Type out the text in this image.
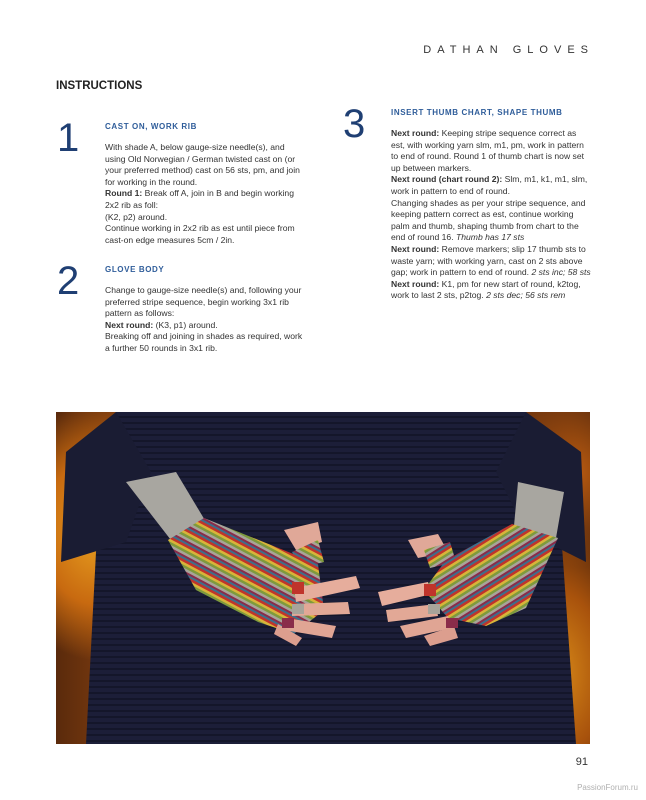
DATHAN GLOVES
INSTRUCTIONS
1	CAST ON, WORK RIB

With shade A, below gauge-size needle(s), and using Old Norwegian / German twisted cast on (or your preferred method) cast on 56 sts, pm, and join for working in the round.

Round 1: Break off A, join in B and begin working 2x2 rib as foll:

(K2, p2) around.

Continue working in 2x2 rib as est until piece from cast-on edge measures 5cm / 2in.

2	GLOVE BODY

Change to gauge-size needle(s) and, following your preferred stripe sequence, begin working 3x1 rib pattern as follows:

Next round: (K3, p1) around.

Breaking off and joining in shades as required, work a further 50 rounds in 3x1 rib.

3	INSERT THUMB CHART, SHAPE THUMB

Next round: Keeping stripe sequence correct as est, with working yarn slm, m1, pm, work in pattern to end of round. Round 1 of thumb chart is now set up between markers.

Next round (chart round 2): Slm, m1, k1, m1, slm, work in pattern to end of round.

Changing shades as per your stripe sequence, and keeping pattern correct as est, continue working palm and thumb, shaping thumb from chart to the end of round 16. Thumb has 17 sts

Next round: Remove markers; slip 17 thumb sts to waste yarn; with working yarn, cast on 2 sts above gap; work in pattern to end of round. 2 sts inc; 58 sts

Next round: K1, pm for new start of round, k2tog, work to last 2 sts, p2tog. 2 sts dec; 56 sts rem

91
PassionForum.ru
